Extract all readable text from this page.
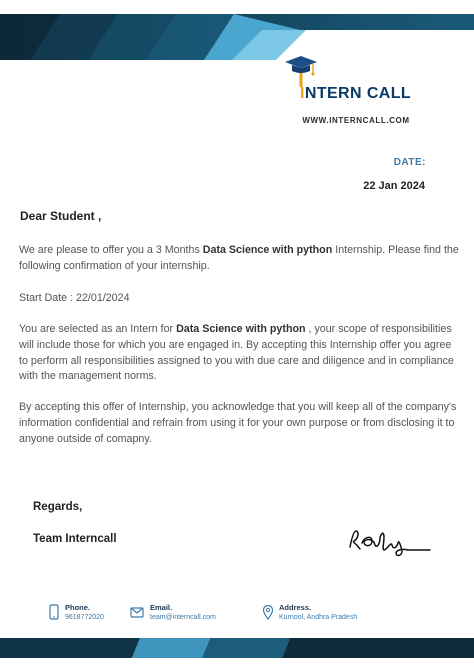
INTERN CALL
WWW.INTERNCALL.COM
DATE:
22 Jan 2024
Dear Student ,
We are please to offer you a 3 Months Data Science with python Internship. Please find the following confirmation of your internship.
Start Date : 22/01/2024
You are selected as an Intern for Data Science with python , your scope of responsibilities will include those for which you are engaged in. By accepting this Internship offer you agree to perform all responsibilities assigned to you with due care and diligence and in compliance with the management norms.
By accepting this offer of Internship, you acknowledge that you will keep all of the company's information confidential and refrain from using it for your own purpose or from disclosing it to anyone outside of comapny.
Regards,
Team Interncall
Phone.
9618772020
Email.
team@interncall.com
Address.
Kurnool, Andhra Pradesh
